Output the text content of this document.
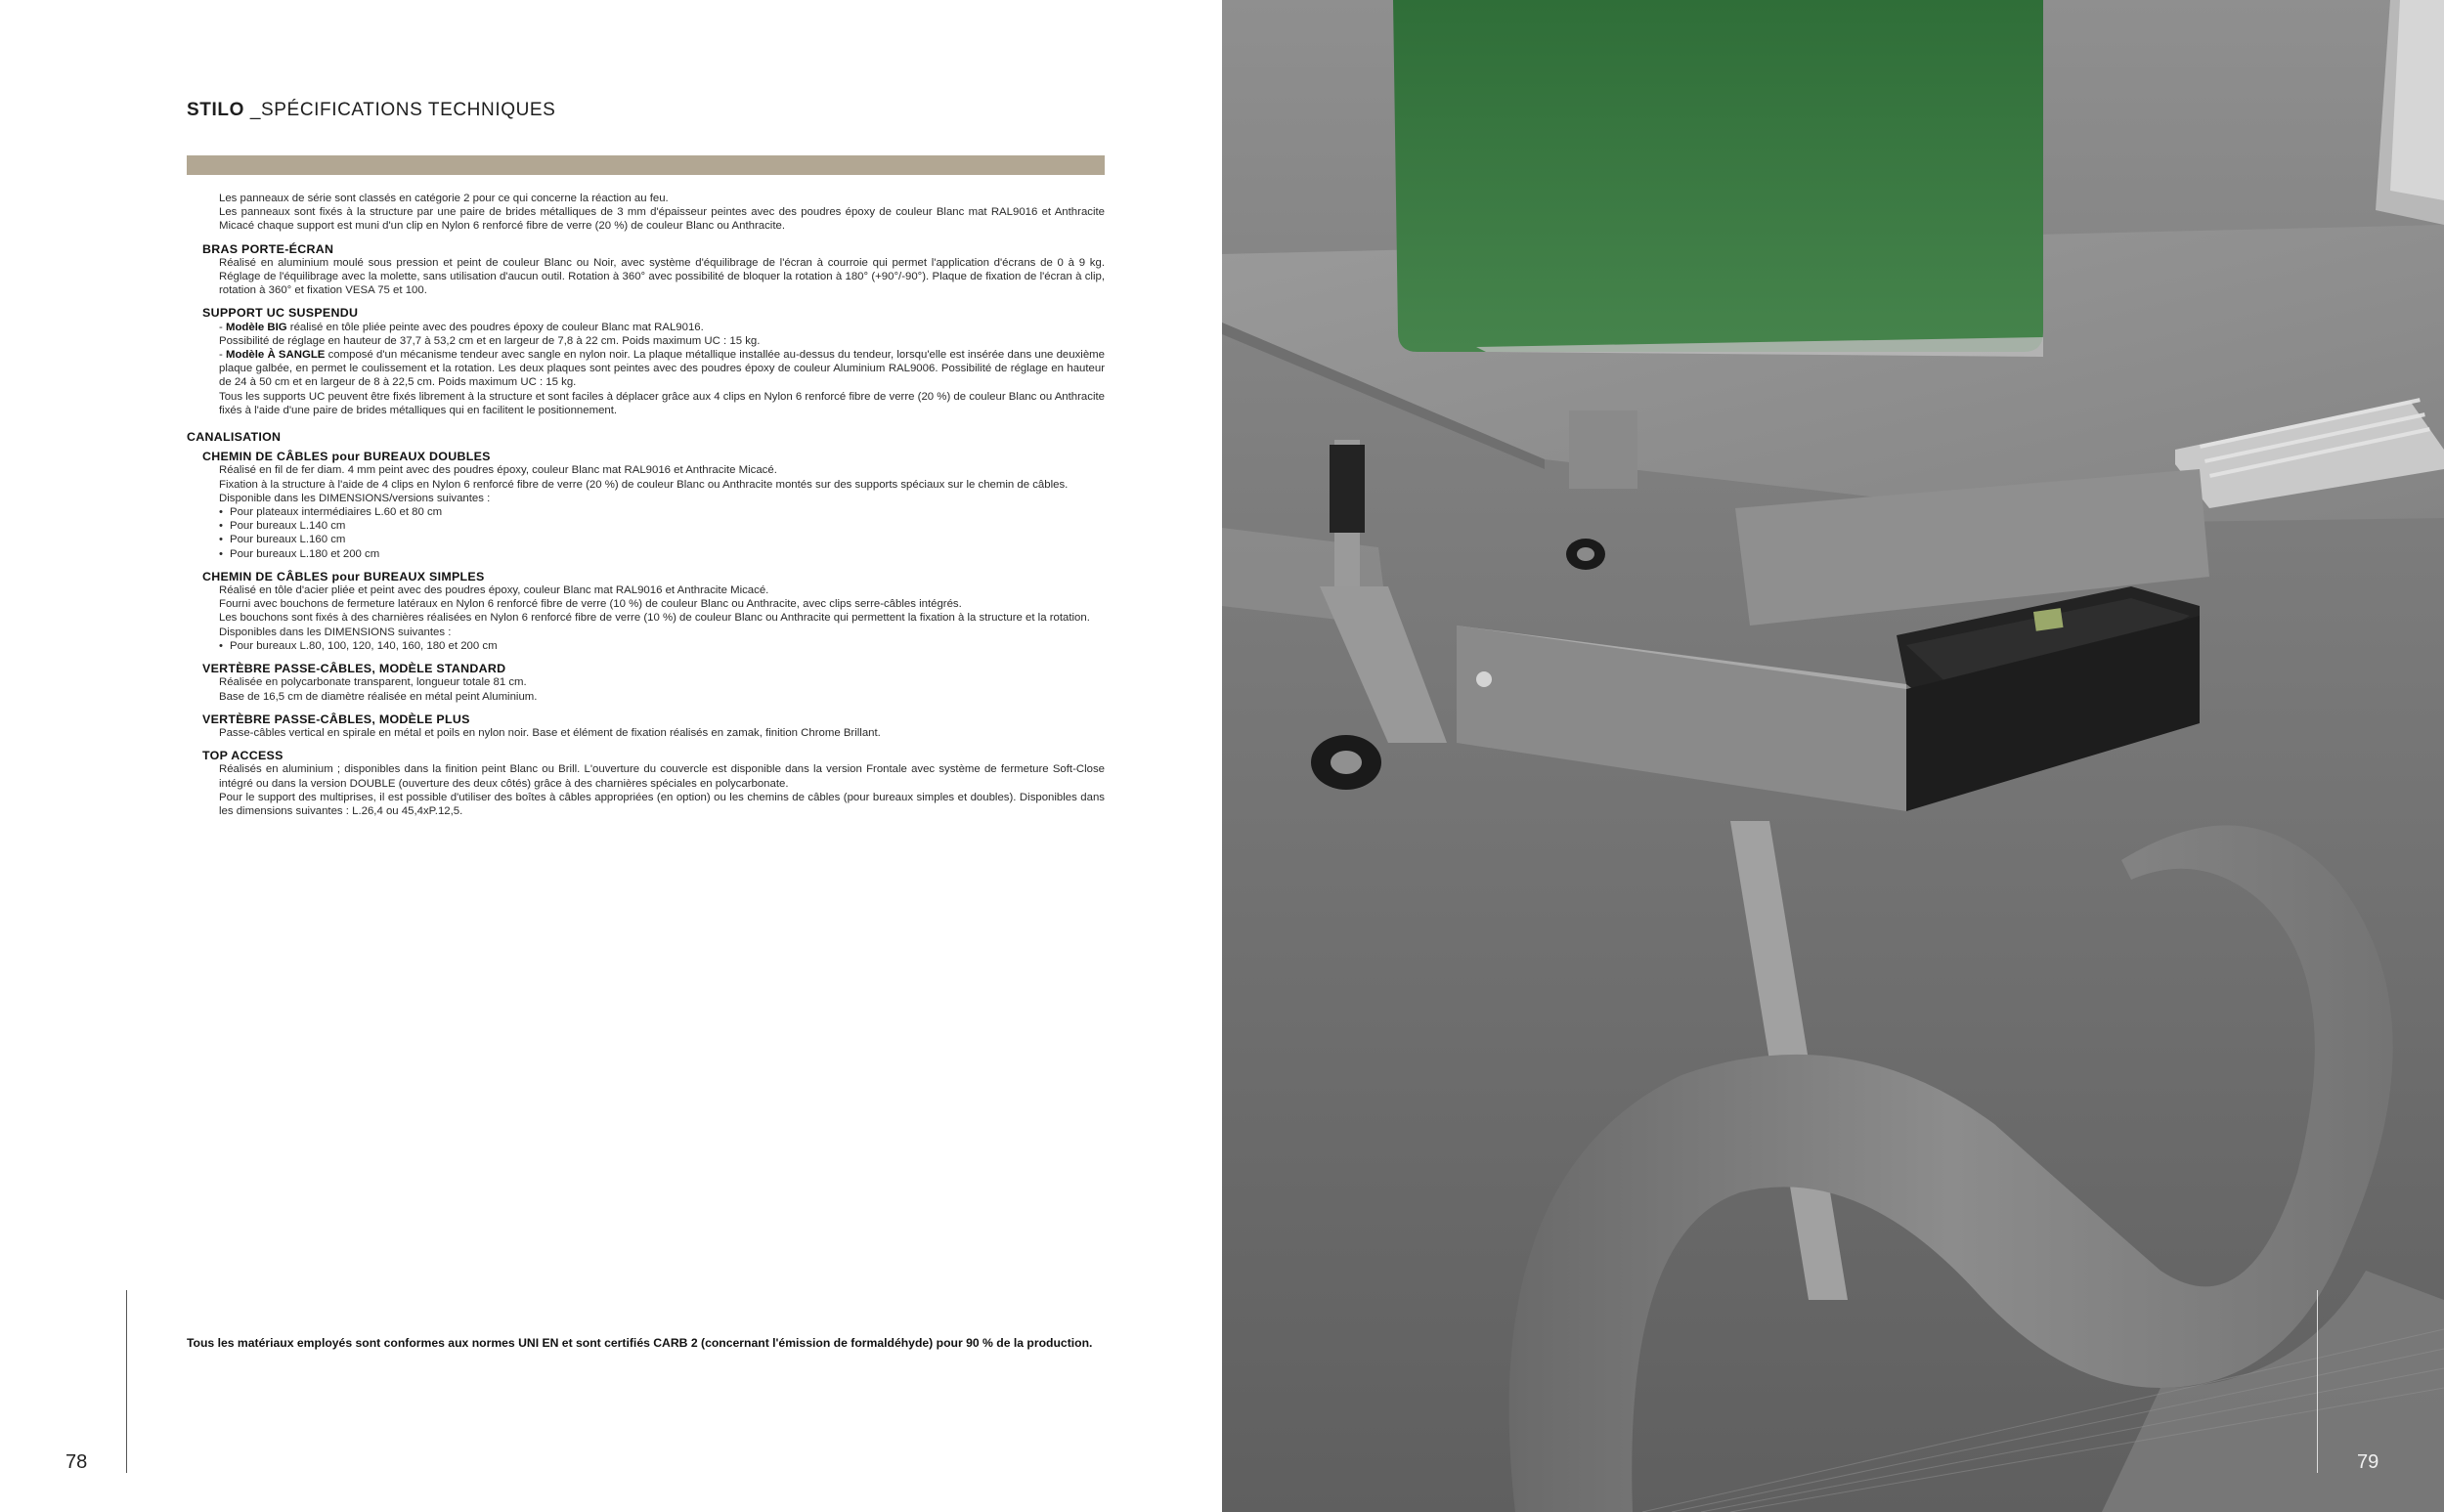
STILO _SPÉCIFICATIONS TECHNIQUES
Les panneaux de série sont classés en catégorie 2 pour ce qui concerne la réaction au feu.
Les panneaux sont fixés à la structure par une paire de brides métalliques de 3 mm d'épaisseur peintes avec des poudres époxy de couleur Blanc mat RAL9016 et Anthracite Micacé chaque support est muni d'un clip en Nylon 6 renforcé fibre de verre (20 %) de couleur Blanc ou Anthracite.
BRAS PORTE-ÉCRAN
Réalisé en aluminium moulé sous pression et peint de couleur Blanc ou Noir, avec système d'équilibrage de l'écran à courroie qui permet l'application d'écrans de 0 à 9 kg. Réglage de l'équilibrage avec la molette, sans utilisation d'aucun outil. Rotation à 360° avec possibilité de bloquer la rotation à 180° (+90°/-90°). Plaque de fixation de l'écran à clip, rotation à 360° et fixation VESA 75 et 100.
SUPPORT UC SUSPENDU
- Modèle BIG réalisé en tôle pliée peinte avec des poudres époxy de couleur Blanc mat RAL9016.
Possibilité de réglage en hauteur de 37,7 à 53,2 cm et en largeur de 7,8 à 22 cm. Poids maximum UC : 15 kg.
- Modèle À SANGLE composé d'un mécanisme tendeur avec sangle en nylon noir. La plaque métallique installée au-dessus du tendeur, lorsqu'elle est insérée dans une deuxième plaque galbée, en permet le coulissement et la rotation. Les deux plaques sont peintes avec des poudres époxy de couleur Aluminium RAL9006. Possibilité de réglage en hauteur de 24 à 50 cm et en largeur de 8 à 22,5 cm. Poids maximum UC : 15 kg.
Tous les supports UC peuvent être fixés librement à la structure et sont faciles à déplacer grâce aux 4 clips en Nylon 6 renforcé fibre de verre (20 %) de couleur Blanc ou Anthracite fixés à l'aide d'une paire de brides métalliques qui en facilitent le positionnement.
CANALISATION
CHEMIN DE CÂBLES pour BUREAUX DOUBLES
Réalisé en fil de fer diam. 4 mm peint avec des poudres époxy, couleur Blanc mat RAL9016 et Anthracite Micacé.
Fixation à la structure à l'aide de 4 clips en Nylon 6 renforcé fibre de verre (20 %) de couleur Blanc ou Anthracite montés sur des supports spéciaux sur le chemin de câbles.
Disponible dans les DIMENSIONS/versions suivantes :
• Pour plateaux intermédiaires L.60 et 80 cm
• Pour bureaux L.140 cm
• Pour bureaux L.160 cm
• Pour bureaux L.180 et 200 cm
CHEMIN DE CÂBLES pour BUREAUX SIMPLES
Réalisé en tôle d'acier pliée et peint avec des poudres époxy, couleur Blanc mat RAL9016 et Anthracite Micacé.
Fourni avec bouchons de fermeture latéraux en Nylon 6 renforcé fibre de verre (10 %) de couleur Blanc ou Anthracite, avec clips serre-câbles intégrés.
Les bouchons sont fixés à des charnières réalisées en Nylon 6 renforcé fibre de verre (10 %) de couleur Blanc ou Anthracite qui permettent la fixation à la structure et la rotation.
Disponibles dans les DIMENSIONS suivantes :
• Pour bureaux L.80, 100, 120, 140, 160, 180 et 200 cm
VERTÈBRE PASSE-CÂBLES, MODÈLE STANDARD
Réalisée en polycarbonate transparent, longueur totale 81 cm.
Base de 16,5 cm de diamètre réalisée en métal peint Aluminium.
VERTÈBRE PASSE-CÂBLES, MODÈLE PLUS
Passe-câbles vertical en spirale en métal et poils en nylon noir. Base et élément de fixation réalisés en zamak, finition Chrome Brillant.
TOP ACCESS
Réalisés en aluminium ; disponibles dans la finition peint Blanc ou Brill. L'ouverture du couvercle est disponible dans la version Frontale avec système de fermeture Soft-Close intégré ou dans la version DOUBLE (ouverture des deux côtés) grâce à des charnières spéciales en polycarbonate.
Pour le support des multiprises, il est possible d'utiliser des boîtes à câbles appropriées (en option) ou les chemins de câbles (pour bureaux simples et doubles). Disponibles dans les dimensions suivantes : L.26,4 ou 45,4xP.12,5.
Tous les matériaux employés sont conformes aux normes UNI EN et sont certifiés CARB 2 (concernant l'émission de formaldéhyde) pour 90 % de la production.
78	79
